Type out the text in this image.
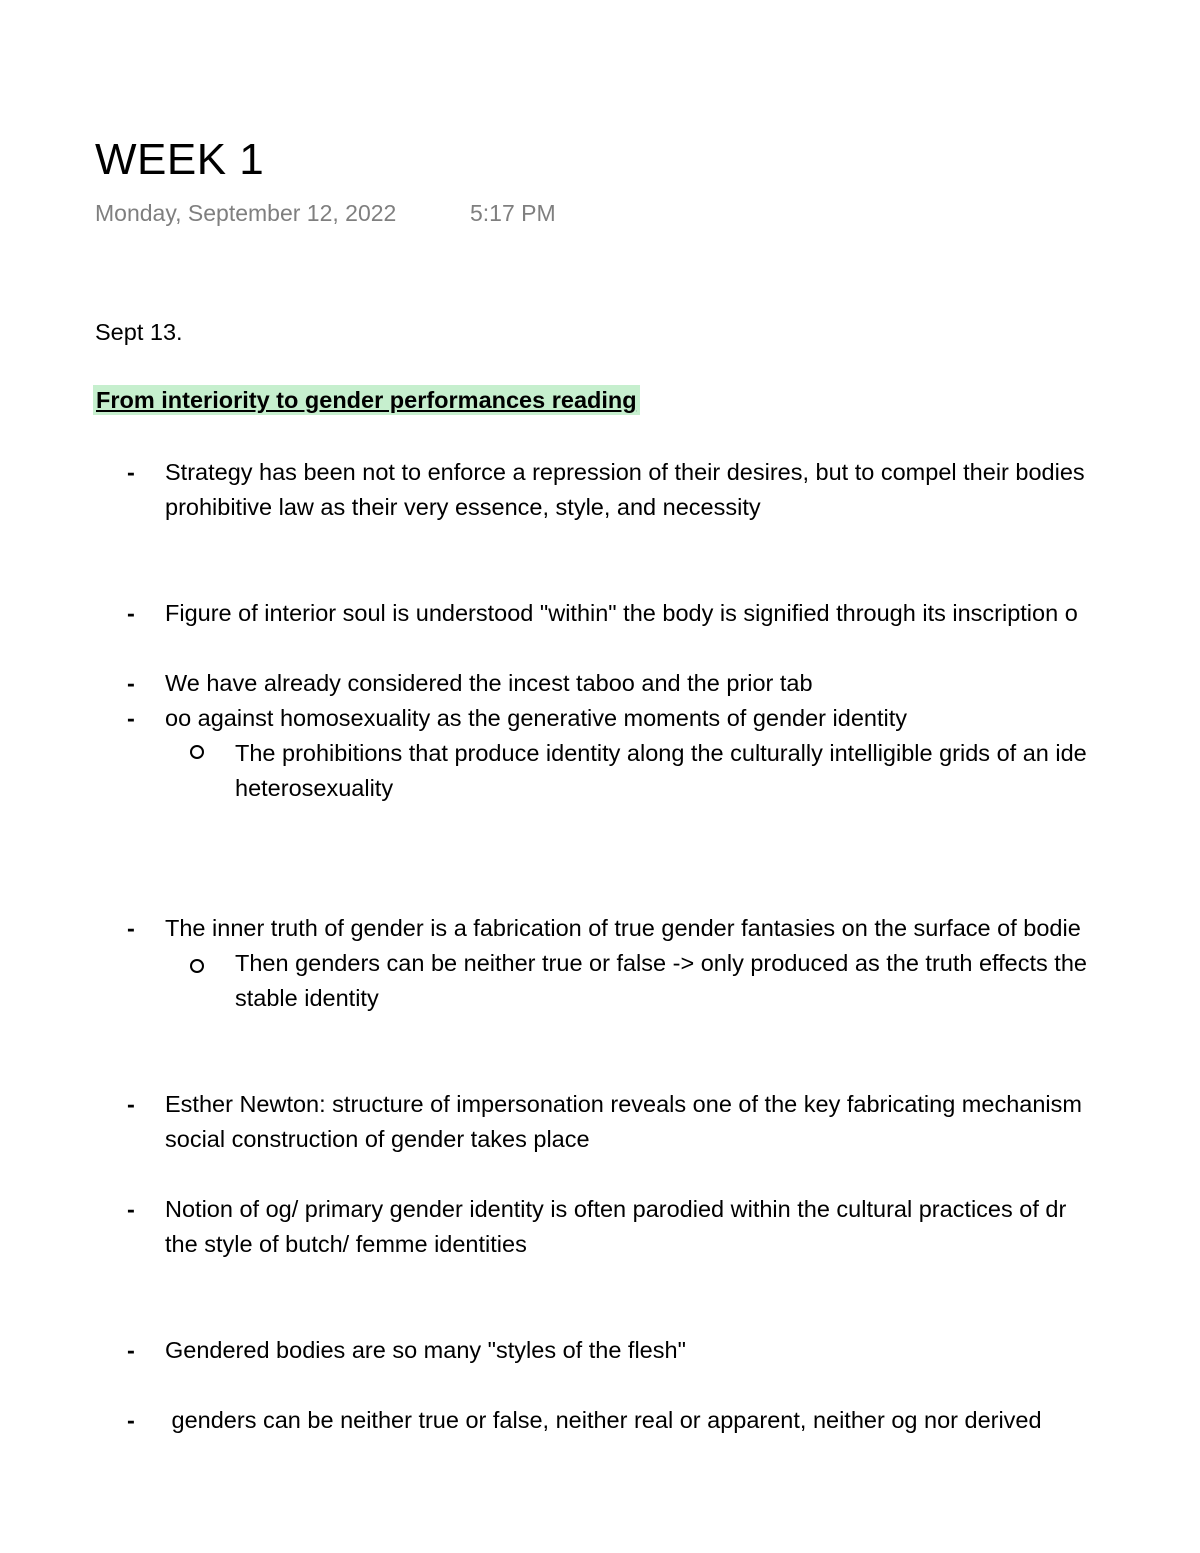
WEEK 1
Monday, September 12, 2022	5:17 PM
Sept 13.
From interiority to gender performances reading
- Strategy has been not to enforce a repression of their desires, but to compel their bodies
prohibitive law as their very essence, style, and necessity
- Figure of interior soul is understood "within" the body is signified through its inscription o
- We have already considered the incest taboo and the prior tab
- oo against homosexuality as the generative moments of gender identity
The prohibitions that produce identity along the culturally intelligible grids of an ide
heterosexuality
- The inner truth of gender is a fabrication of true gender fantasies on the surface of bodie
Then genders can be neither true or false -> only produced as the truth effects the
stable identity
- Esther Newton: structure of impersonation reveals one of the key fabricating mechanism
social construction of gender takes place
- Notion of og/ primary gender identity is often parodied within the cultural practices of dr
the style of butch/ femme identities
- Gendered bodies are so many "styles of the flesh"
- genders can be neither true or false, neither real or apparent, neither og nor derived
